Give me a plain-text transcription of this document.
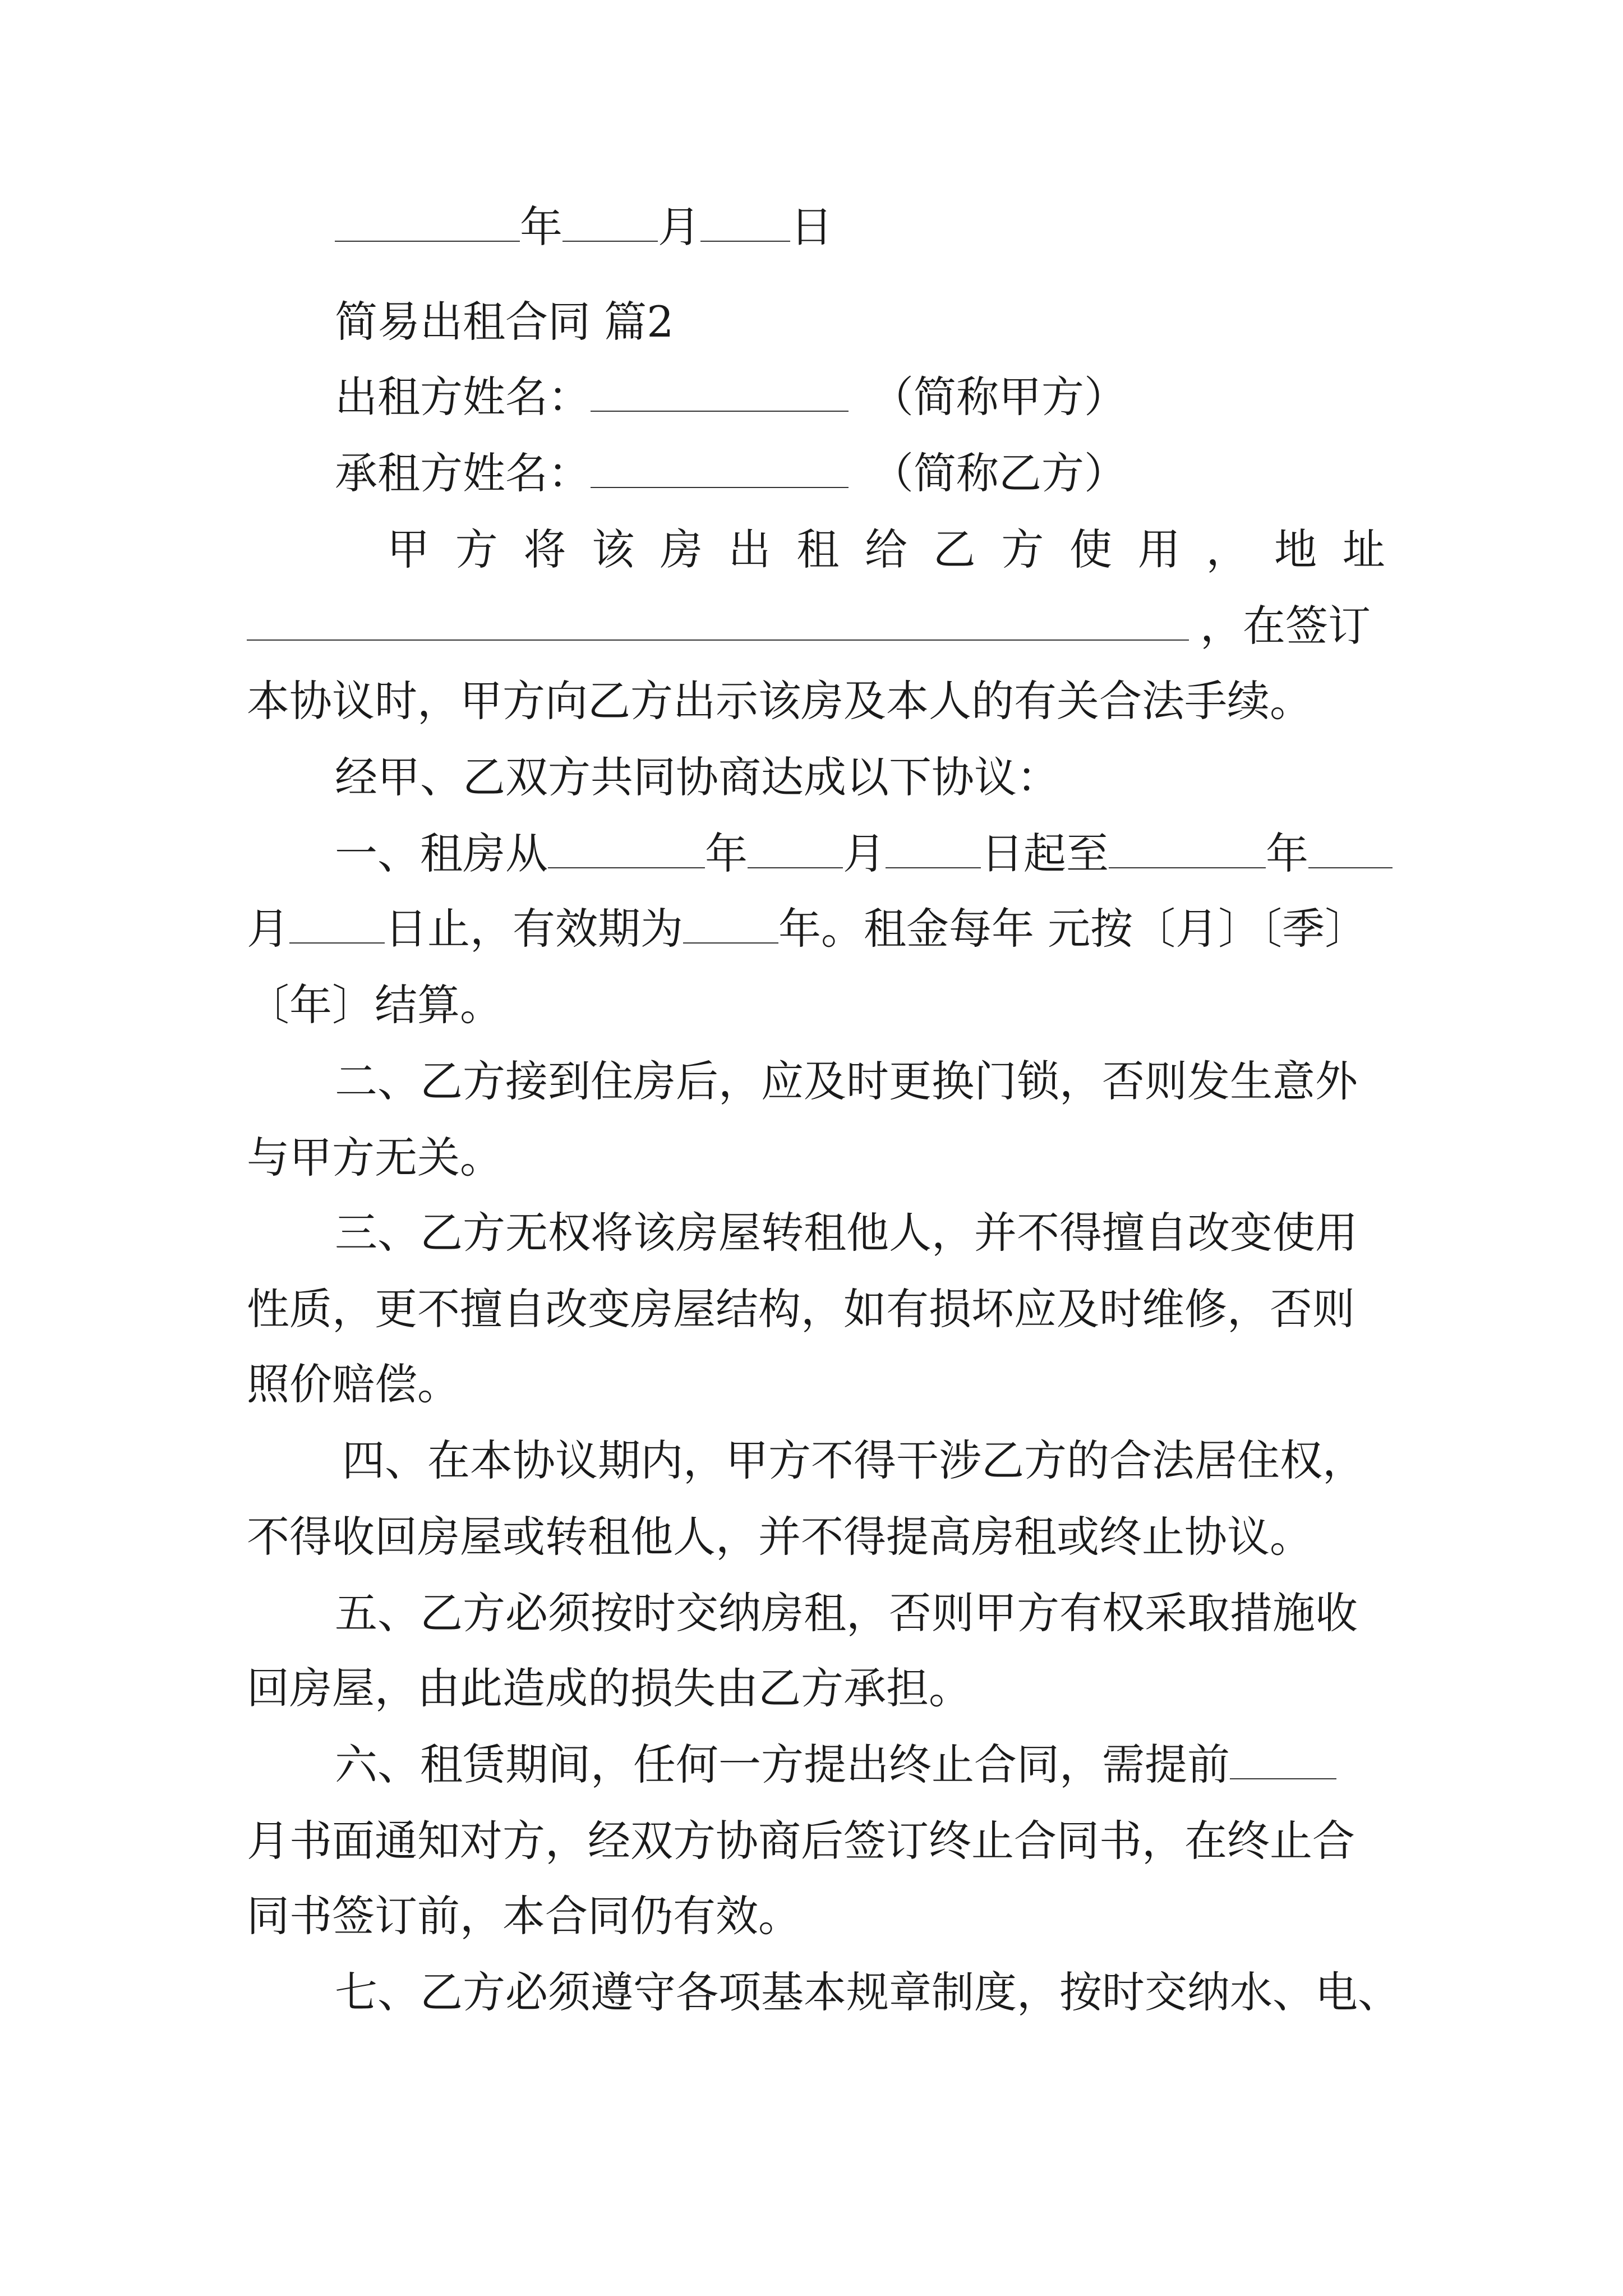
年 月 日
简易出租合同 篇2
出租方姓名：	（简称甲方）
承租方姓名：	（简称乙方）
甲 方 将 该 房 出 租 给 乙 方 使 用 ， 地 址
，在签订
本协议时，甲方向乙方出示该房及本人的有关合法手续。
经甲、乙双方共同协商达成以下协议：
一、租房从	年 月 日起至	年
月 日止，有效期为 年。租金每年 元按〔月〕〔季〕
〔年〕结算。
二、乙方接到住房后，应及时更换门锁，否则发生意外
与甲方无关。
三、乙方无权将该房屋转租他人，并不得擅自改变使用
性质，更不擅自改变房屋结构，如有损坏应及时维修，否则
照价赔偿。
四、在本协议期内，甲方不得干涉乙方的合法居住权，
不得收回房屋或转租他人，并不得提高房租或终止协议。
五、乙方必须按时交纳房租，否则甲方有权采取措施收
回房屋，由此造成的损失由乙方承担。
六、租赁期间，任何一方提出终止合同，需提前
月书面通知对方，经双方协商后签订终止合同书，在终止合
同书签订前，本合同仍有效。
七、乙方必须遵守各项基本规章制度，按时交纳水、电、
